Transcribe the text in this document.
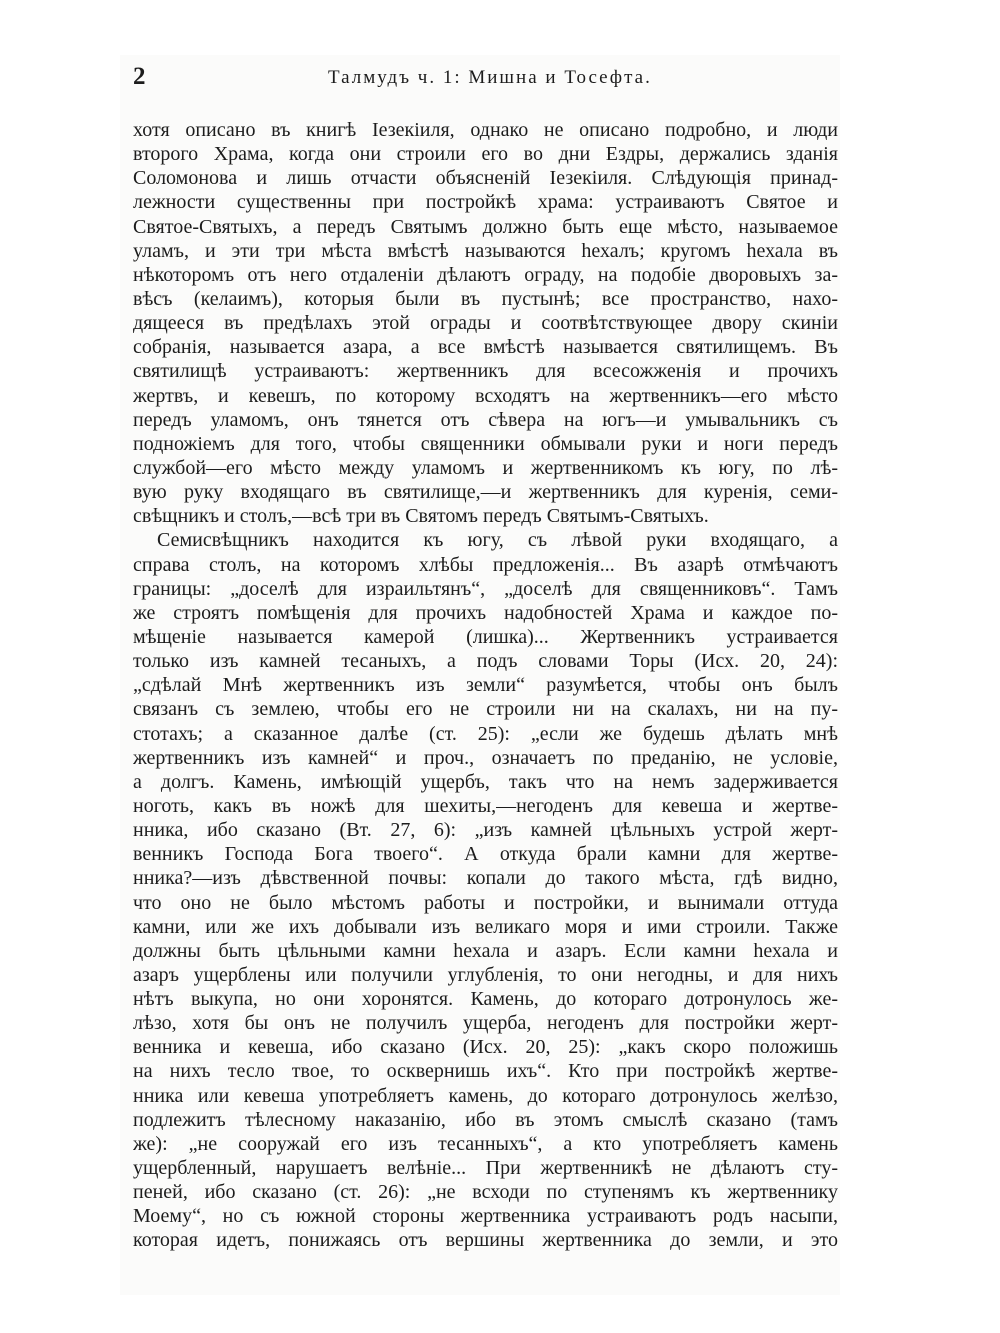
2	Талмудъ ч. 1: Мишна и Тосефта.
хотя описано въ книгѣ Іезекіиля, однако не описано подробно, и люди
второго Храма, когда они строили его во дни Ездры, держались зданія
Соломонова и лишь отчасти объясненій Іезекіиля. Слѣдующія принад-
лежности существенны при постройкѣ храма: устраиваютъ Святое и
Святое-Святыхъ, а передъ Святымъ должно быть еще мѣсто, называемое
уламъ, и эти три мѣста вмѣстѣ называются һехалъ; кругомъ һехала въ
нѣкоторомъ отъ него отдаленіи дѣлаютъ ограду, на подобіе дворовыхъ за-
вѣсъ (келаимъ), которыя были въ пустынѣ; все пространство, нахо-
дящееся въ предѣлахъ этой ограды и соотвѣтствующее двору скиніи
собранія, называется азара, а все вмѣстѣ называется святилищемъ. Въ
святилищѣ устраиваютъ: жертвенникъ для всесожженія и прочихъ
жертвъ, и кевешъ, по которому всходятъ на жертвенникъ—его мѣсто
передъ уламомъ, онъ тянется отъ сѣвера на югъ—и умывальникъ съ
подножіемъ для того, чтобы священники обмывали руки и ноги передъ
службой—его мѣсто между уламомъ и жертвенникомъ къ югу, по лѣ-
вую руку входящаго въ святилище,—и жертвенникъ для куренія, семи-
свѣщникъ и столъ,—всѣ три въ Святомъ передъ Святымъ-Святыхъ.
Семисвѣщникъ находится къ югу, съ лѣвой руки входящаго, а
справа столъ, на которомъ хлѣбы предложенія... Въ азарѣ отмѣчаютъ
границы: „доселѣ для израильтянъ“, „доселѣ для священниковъ“. Тамъ
же строятъ помѣщенія для прочихъ надобностей Храма и каждое по-
мѣщеніе называется камерой (лишка)... Жертвенникъ устраивается
только изъ камней тесаныхъ, а подъ словами Торы (Исх. 20, 24):
„сдѣлай Мнѣ жертвенникъ изъ земли“ разумѣется, чтобы онъ былъ
связанъ съ землею, чтобы его не строили ни на скалахъ, ни на пу-
стотахъ; а сказанное далѣе (ст. 25): „если же будешь дѣлать мнѣ
жертвенникъ изъ камней“ и проч., означаетъ по преданію, не условіе,
а долгъ. Камень, имѣющій ущербъ, такъ что на немъ задерживается
ноготь, какъ въ ножѣ для шехиты,—негоденъ для кевеша и жертве-
нника, ибо сказано (Вт. 27, 6): „изъ камней цѣльныхъ устрой жерт-
венникъ Господа Бога твоего“. А откуда брали камни для жертве-
нника?—изъ дѣвственной почвы: копали до такого мѣста, гдѣ видно,
что оно не было мѣстомъ работы и постройки, и вынимали оттуда
камни, или же ихъ добывали изъ великаго моря и ими строили. Также
должны быть цѣльными камни һехала и азаръ. Если камни һехала и
азаръ ущерблены или получили углубленія, то они негодны, и для нихъ
нѣтъ выкупа, но они хоронятся. Камень, до котораго дотронулось же-
лѣзо, хотя бы онъ не получилъ ущерба, негоденъ для постройки жерт-
венника и кевеша, ибо сказано (Исх. 20, 25): „какъ скоро положишь
на нихъ тесло твое, то осквернишь ихъ“. Кто при постройкѣ жертве-
нника или кевеша употребляетъ камень, до котораго дотронулось желѣзо,
подлежитъ тѣлесному наказанію, ибо въ этомъ смыслѣ сказано (тамъ
же): „не сооружай его изъ тесанныхъ“, а кто употребляетъ камень
ущербленный, нарушаетъ велѣніе... При жертвенникѣ не дѣлаютъ сту-
пеней, ибо сказано (ст. 26): „не всходи по ступенямъ къ жертвеннику
Моему“, но съ южной стороны жертвенника устраиваютъ родъ насыпи,
которая идетъ, понижаясь отъ вершины жертвенника до земли, и это
